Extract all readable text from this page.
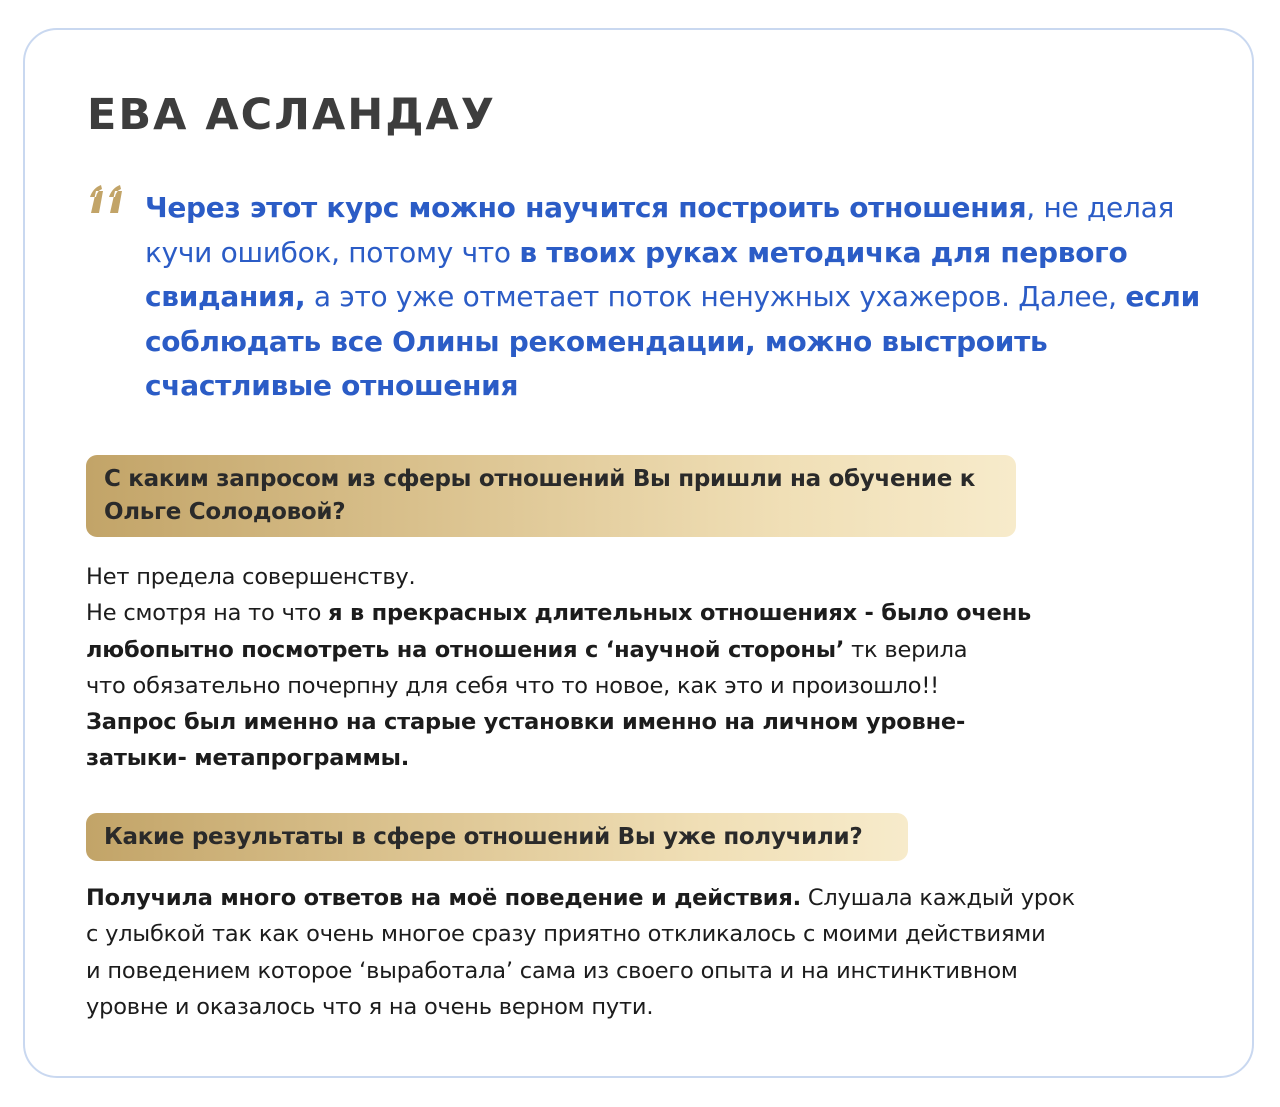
ЕВА АСЛАНДАУ

Через этот курс можно научится построить отношения, не делая кучи ошибок, потому что в твоих руках методичка для первого свидания, а это уже отметает поток ненужных ухажеров. Далее, если соблюдать все Олины рекомендации, можно выстроить счастливые отношения

С каким запросом из сферы отношений Вы пришли на обучение к Ольге Солодовой?

Нет предела совершенству.
Не смотря на то что я в прекрасных длительных отношениях - было очень
любопытно посмотреть на отношения с ‘научной стороны’ тк верила
что обязательно почерпну для себя что то новое, как это и произошло!!
Запрос был именно на старые установки именно на личном уровне-
затыки- метапрограммы.

Какие результаты в сфере отношений Вы уже получили?

Получила много ответов на моё поведение и действия. Слушала каждый урок
с улыбкой так как очень многое сразу приятно откликалось с моими действиями
и поведением которое ‘выработала’ сама из своего опыта и на инстинктивном
уровне и оказалось что я на очень верном пути.
